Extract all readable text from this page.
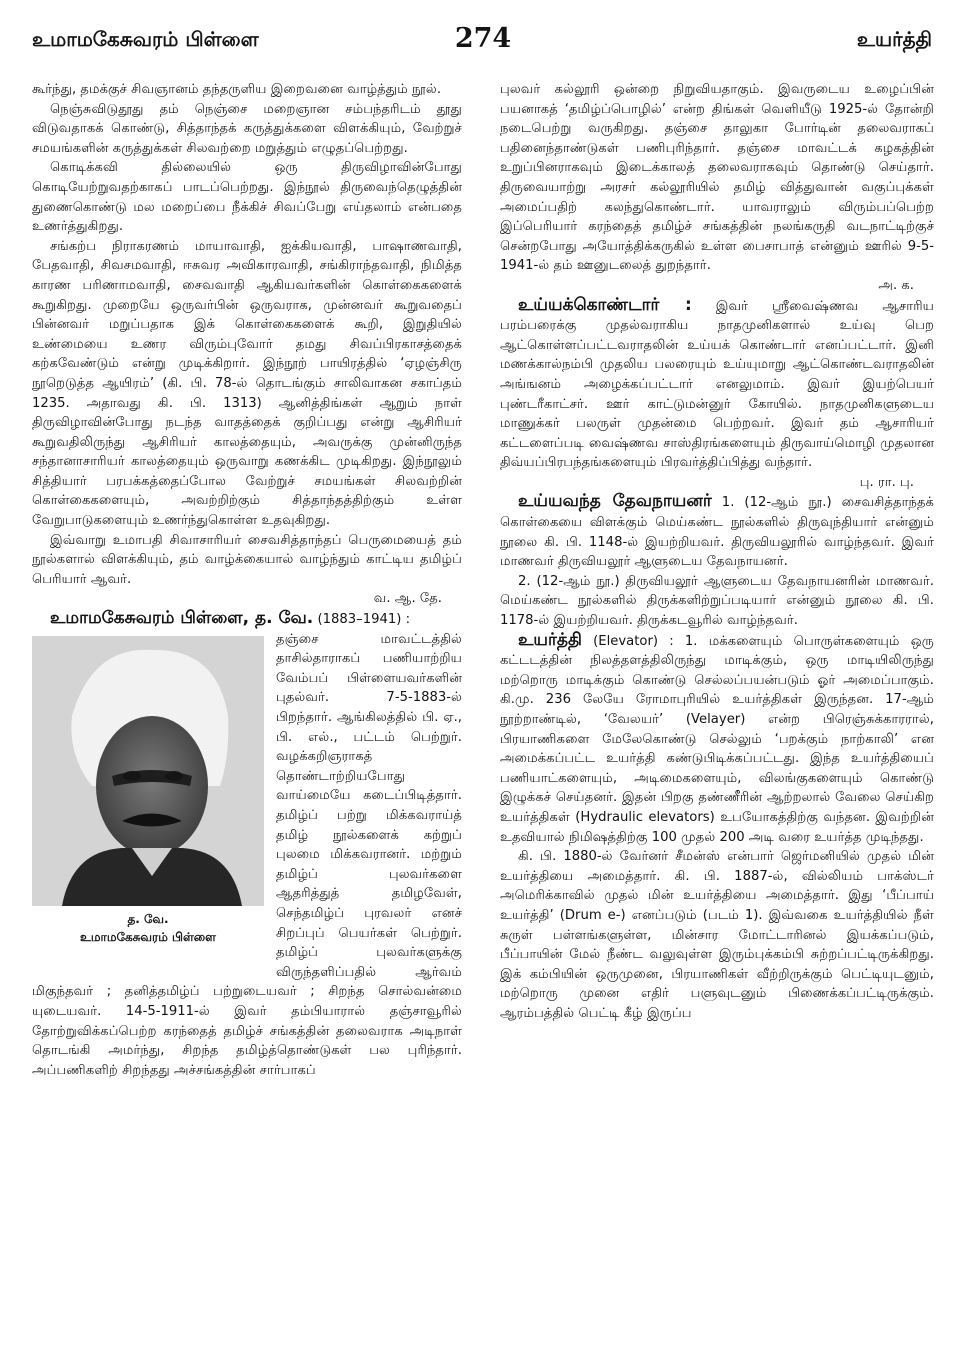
உமாமகேசுவரம் பிள்ளை	274	உயர்த்தி

கூர்ந்து, தமக்குச் சிவஞானம் தந்தருளிய இறைவனை வாழ்த்தும் நூல்.

நெஞ்சுவிடுதூது தம் நெஞ்சை மறைஞான சம்பந்தரிடம் தூது விடுவதாகக் கொண்டு, சித்தாந்தக் கருத்துக்களை விளக்கியும், வேற்றுச் சமயங்களின் கருத்துக்கள் சிலவற்றை மறுத்தும் எழுதப்பெற்றது.

கொடிக்கவி தில்லையில் ஒரு திருவிழாவின்போது கொடியேற்றுவதற்காகப் பாடப்பெற்றது. இந்நூல் திருவைந்தெழுத்தின் துணைகொண்டு மல மறைப்பை நீக்கிச் சிவப்பேறு எய்தலாம் என்பதை உணர்த்துகிறது.

சங்கற்ப நிராகரணம் மாயாவாதி, ஐக்கியவாதி, பாஷாணவாதி, பேதவாதி, சிவசமவாதி, ஈசுவர அவிகாரவாதி, சங்கிராந்தவாதி, நிமித்த காரண பரிணாமவாதி, சைவவாதி ஆகியவர்களின் கொள்கைகளைக் கூறுகிறது. முறையே ஒருவர்பின் ஒருவராக, முன்னவர் கூறுவதைப் பின்னவர் மறுப்பதாக இக் கொள்கைகளைக் கூறி, இறுதியில் உண்மையை உணர விரும்புவோர் தமது சிவப்பிரகாசத்தைக் கற்கவேண்டும் என்று முடிக்கிறார். இந்நூற் பாயிரத்தில் ‘ஏழஞ்சிரு நூறெடுத்த ஆயிரம்’ (கி. பி. 78-ல் தொடங்கும் சாலிவாகன சகாப்தம் 1235. அதாவது கி. பி. 1313) ஆனித்திங்கள் ஆறும் நாள் திருவிழாவின்போது நடந்த வாதத்தைக் குறிப்பது என்று ஆசிரியர் கூறுவதிலிருந்து ஆசிரியர் காலத்தையும், அவருக்கு முன்னிருந்த சந்தானாசாரியர் காலத்தையும் ஒருவாறு கணக்கிட முடிகிறது. இந்நூலும் சித்தியார் பரபக்கத்தைப்போல வேற்றுச் சமயங்கள் சிலவற்றின் கொள்கைகளையும், அவற்றிற்கும் சித்தாந்தத்திற்கும் உள்ள வேறுபாடுகளையும் உணர்ந்துகொள்ள உதவுகிறது.

இவ்வாறு உமாபதி சிவாசாரியர் சைவசித்தாந்தப் பெருமையைத் தம் நூல்களால் விளக்கியும், தம் வாழ்க்கையால் வாழ்ந்தும் காட்டிய தமிழ்ப் பெரியார் ஆவர்.

வ. ஆ. தே.

உமாமகேசுவரம் பிள்ளை, த. வே. (1883–1941) :

த. வே.
உமாமகேசுவரம் பிள்ளை

தஞ்சை மாவட்டத்தில் தாசில்தாராகப் பணியாற்றிய வேம்பப் பிள்ளையவர்களின் புதல்வர். 7-5-1883-ல் பிறந்தார். ஆங்கிலத்தில் பி. ஏ., பி. எல்., பட்டம் பெற்றுர். வழக்கறிஞராகத் தொண்டாற்றியபோது வாய்மையே கடைப்பிடித்தார். தமிழ்ப் பற்று மிக்கவராய்த் தமிழ் நூல்களைக் கற்றுப் புலமை மிக்கவரானர். மற்றும் தமிழ்ப் புலவர்களை ஆதரித்துத் தமிழவேள், செந்தமிழ்ப் புரவலர் எனச் சிறப்புப் பெயர்கள் பெற்றுர். தமிழ்ப் புலவர்களுக்கு விருந்தளிப்பதில் ஆர்வம் மிகுந்தவர் ; தனித்தமிழ்ப் பற்றுடையவர் ; சிறந்த சொல்வன்மை யுடையவர். 14-5-1911-ல் இவர் தம்பியாரால் தஞ்சாவூரில் தோற்றுவிக்கப்பெற்ற கரந்தைத் தமிழ்ச் சங்கத்தின் தலைவராக அடிநாள் தொடங்கி அமர்ந்து, சிறந்த தமிழ்த்தொண்டுகள் பல புரிந்தார். அப்பணிகளிற் சிறந்தது அச்சங்கத்தின் சார்பாகப்

புலவர் கல்லூரி ஒன்றை நிறுவியதாகும். இவருடைய உழைப்பின் பயனாகத் ‘தமிழ்ப்பொழில்’ என்ற திங்கள் வெளியீடு 1925-ல் தோன்றி நடைபெற்று வருகிறது. தஞ்சை தாலுகா போர்டின் தலைவராகப் பதினைந்தாண்டுகள் பணிபுரிந்தார். தஞ்சை மாவட்டக் கழகத்தின் உறுப்பினராகவும் இடைக்காலத் தலைவராகவும் தொண்டு செய்தார். திருவையாற்று அரசர் கல்லூரியில் தமிழ் வித்துவான் வகுப்புக்கள் அமைப்பதிற் கலந்துகொண்டார். யாவராலும் விரும்பப்பெற்ற இப்பெரியார் கரந்தைத் தமிழ்ச் சங்கத்தின் நலங்கருதி வடநாட்டிற்குச் சென்றபோது அயோத்திக்கருகில் உள்ள பைசாபாத் என்னும் ஊரில் 9-5-1941-ல் தம் ஊனுடலைத் துறந்தார்.

அ. க.

உய்யக்கொண்டார் : இவர் ஸ்ரீவைஷ்ணவ ஆசாரிய பரம்பரைக்கு முதல்வராகிய நாதமுனிகளால் உய்வு பெற ஆட்கொள்ளப்பட்டவராதலின் உய்யக் கொண்டார் எனப்பட்டார். இனி மணக்கால்நம்பி முதலிய பலரையும் உய்யுமாறு ஆட்கொண்டவராதலின் அங்ஙனம் அழைக்கப்பட்டார் எனலுமாம். இவர் இயற்பெயர் புண்டரீகாட்சர். ஊர் காட்டுமன்னுர் கோயில். நாதமுனிகளுடைய மாணுக்கர் பலருள் முதன்மை பெற்றவர். இவர் தம் ஆசாரியர் கட்டளைப்படி வைஷ்ணவ சாஸ்திரங்களையும் திருவாய்மொழி முதலான திவ்யப்பிரபந்தங்களையும் பிரவர்த்திப்பித்து வந்தார்.

பு. ரா. பு.

உய்யவந்த தேவநாயனர் 1. (12-ஆம் நூ.) சைவசித்தாந்தக் கொள்கையை விளக்கும் மெய்கண்ட நூல்களில் திருவுந்தியார் என்னும் நூலை கி. பி. 1148-ல் இயற்றியவர். திருவியலூரில் வாழ்ந்தவர். இவர் மாணவர் திருவியலூர் ஆளுடைய தேவநாயனர்.

2. (12-ஆம் நூ.) திருவியலூர் ஆளுடைய தேவநாயனரின் மாணவர். மெய்கண்ட நூல்களில் திருக்களிற்றுப்படியார் என்னும் நூலை கி. பி. 1178-ல் இயற்றியவர். திருக்கடவூரில் வாழ்ந்தவர்.

உயர்த்தி (Elevator) : 1. மக்களையும் பொருள்களையும் ஒரு கட்டடத்தின் நிலத்தளத்திலிருந்து மாடிக்கும், ஒரு மாடியிலிருந்து மற்றொரு மாடிக்கும் கொண்டு செல்லப்பயன்படும் ஓர் அமைப்பாகும். கி.மு. 236 லேயே ரோமாபுரியில் உயர்த்திகள் இருந்தன. 17-ஆம் நூற்றாண்டில், ‘வேலயர்’ (Velayer) என்ற பிரெஞ்சுக்காரரால், பிரயாணிகளை மேலேகொண்டு செல்லும் ‘பறக்கும் நாற்காலி’ என அமைக்கப்பட்ட உயர்த்தி கண்டுபிடிக்கப்பட்டது. இந்த உயர்த்தியைப் பணியாட்களையும், அடிமைகளையும், விலங்குகளையும் கொண்டு இழுக்கச் செய்தனர். இதன் பிறகு தண்ணீரின் ஆற்றலால் வேலை செய்கிற உயர்த்திகள் (Hydraulic elevators) உபயோகத்திற்கு வந்தன. இவற்றின் உதவியால் நிமிஷத்திற்கு 100 முதல் 200 அடி வரை உயர்த்த முடிந்தது.

கி. பி. 1880-ல் வேர்னர் சீமன்ஸ் என்பார் ஜெர்மனியில் முதல் மின் உயர்த்தியை அமைத்தார். கி. பி. 1887-ல், வில்லியம் பாக்ஸ்டர் அமெரிக்காவில் முதல் மின் உயர்த்தியை அமைத்தார். இது ‘பீப்பாய் உயர்த்தி’ (Drum e-) எனப்படும் (படம் 1). இவ்வகை உயர்த்தியில் நீள் சுருள் பள்ளங்களுள்ள, மின்சார மோட்டாரினல் இயக்கப்படும், பீப்பாயின் மேல் நீண்ட வலுவுள்ள இரும்புக்கம்பி சுற்றப்பட்டிருக்கிறது. இக் கம்பியின் ஒருமுனை, பிரயாணிகள் வீற்றிருக்கும் பெட்டியுடனும், மற்றொரு முனை எதிர் பளுவுடனும் பிணைக்கப்பட்டிருக்கும். ஆரம்பத்தில் பெட்டி கீழ் இருப்ப
